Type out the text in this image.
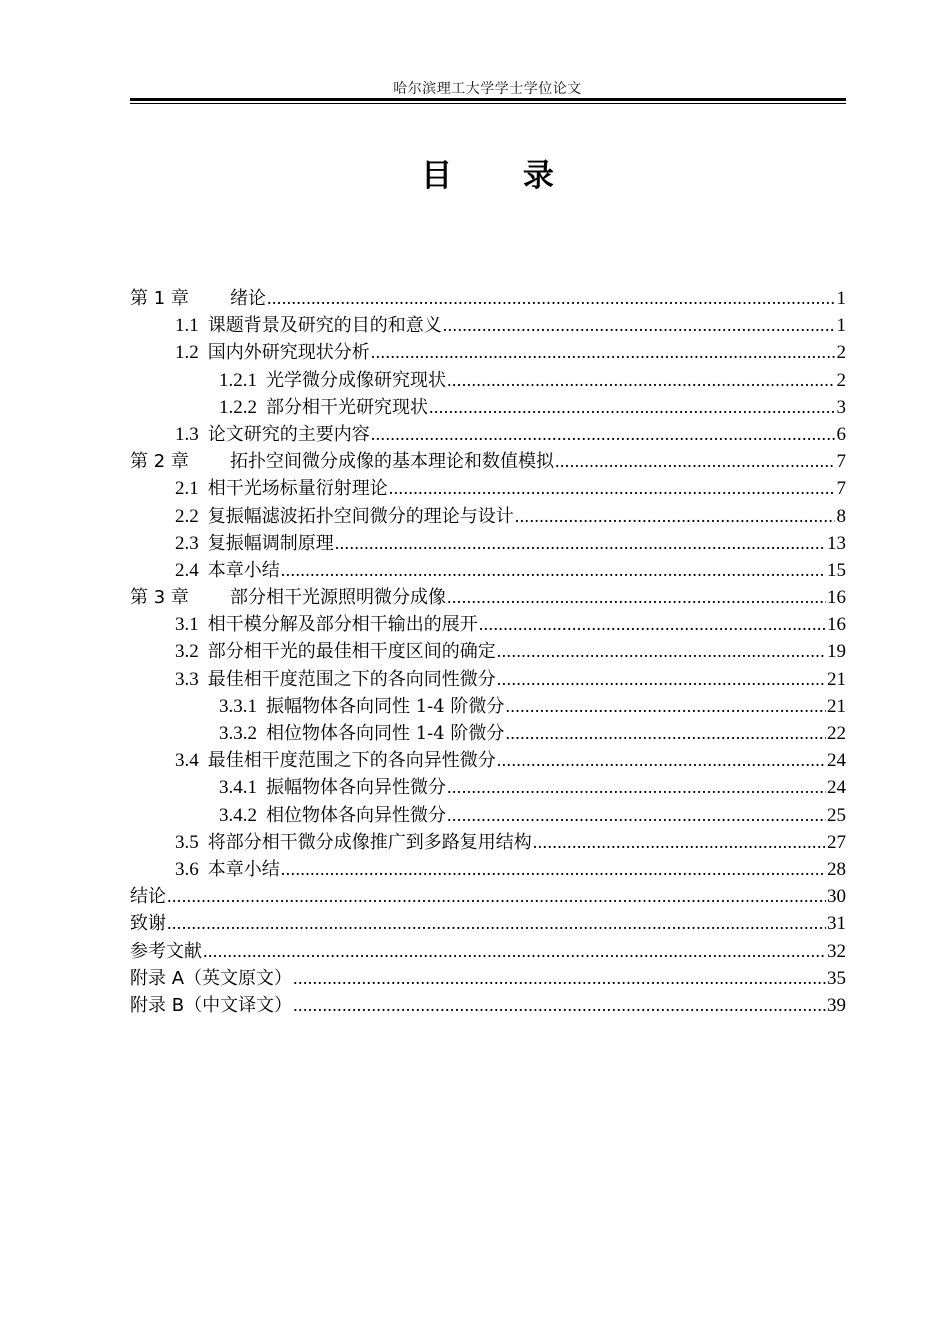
哈尔滨理工大学学士学位论文
目 录
第 1 章	绪论 .....	1
1.1 课题背景及研究的目的和意义 .....	1
1.2 国内外研究现状分析 .....	2
1.2.1 光学微分成像研究现状 .....	2
1.2.2 部分相干光研究现状 .....	3
1.3 论文研究的主要内容 .....	6
第 2 章	拓扑空间微分成像的基本理论和数值模拟 .....	7
2.1 相干光场标量衍射理论 .....	7
2.2 复振幅滤波拓扑空间微分的理论与设计 .....	8
2.3 复振幅调制原理 .....	13
2.4 本章小结 .....	15
第 3 章	部分相干光源照明微分成像 .....	16
3.1 相干模分解及部分相干输出的展开 .....	16
3.2 部分相干光的最佳相干度区间的确定 .....	19
3.3 最佳相干度范围之下的各向同性微分 .....	21
3.3.1 振幅物体各向同性 1-4 阶微分 .....	21
3.3.2 相位物体各向同性 1-4 阶微分 .....	22
3.4 最佳相干度范围之下的各向异性微分 .....	24
3.4.1 振幅物体各向异性微分 .....	24
3.4.2 相位物体各向异性微分 .....	25
3.5 将部分相干微分成像推广到多路复用结构 .....	27
3.6 本章小结 .....	28
结论 .....	30
致谢 .....	31
参考文献 .....	32
附录 A（英文原文） .....	35
附录 B（中文译文） .....	39
